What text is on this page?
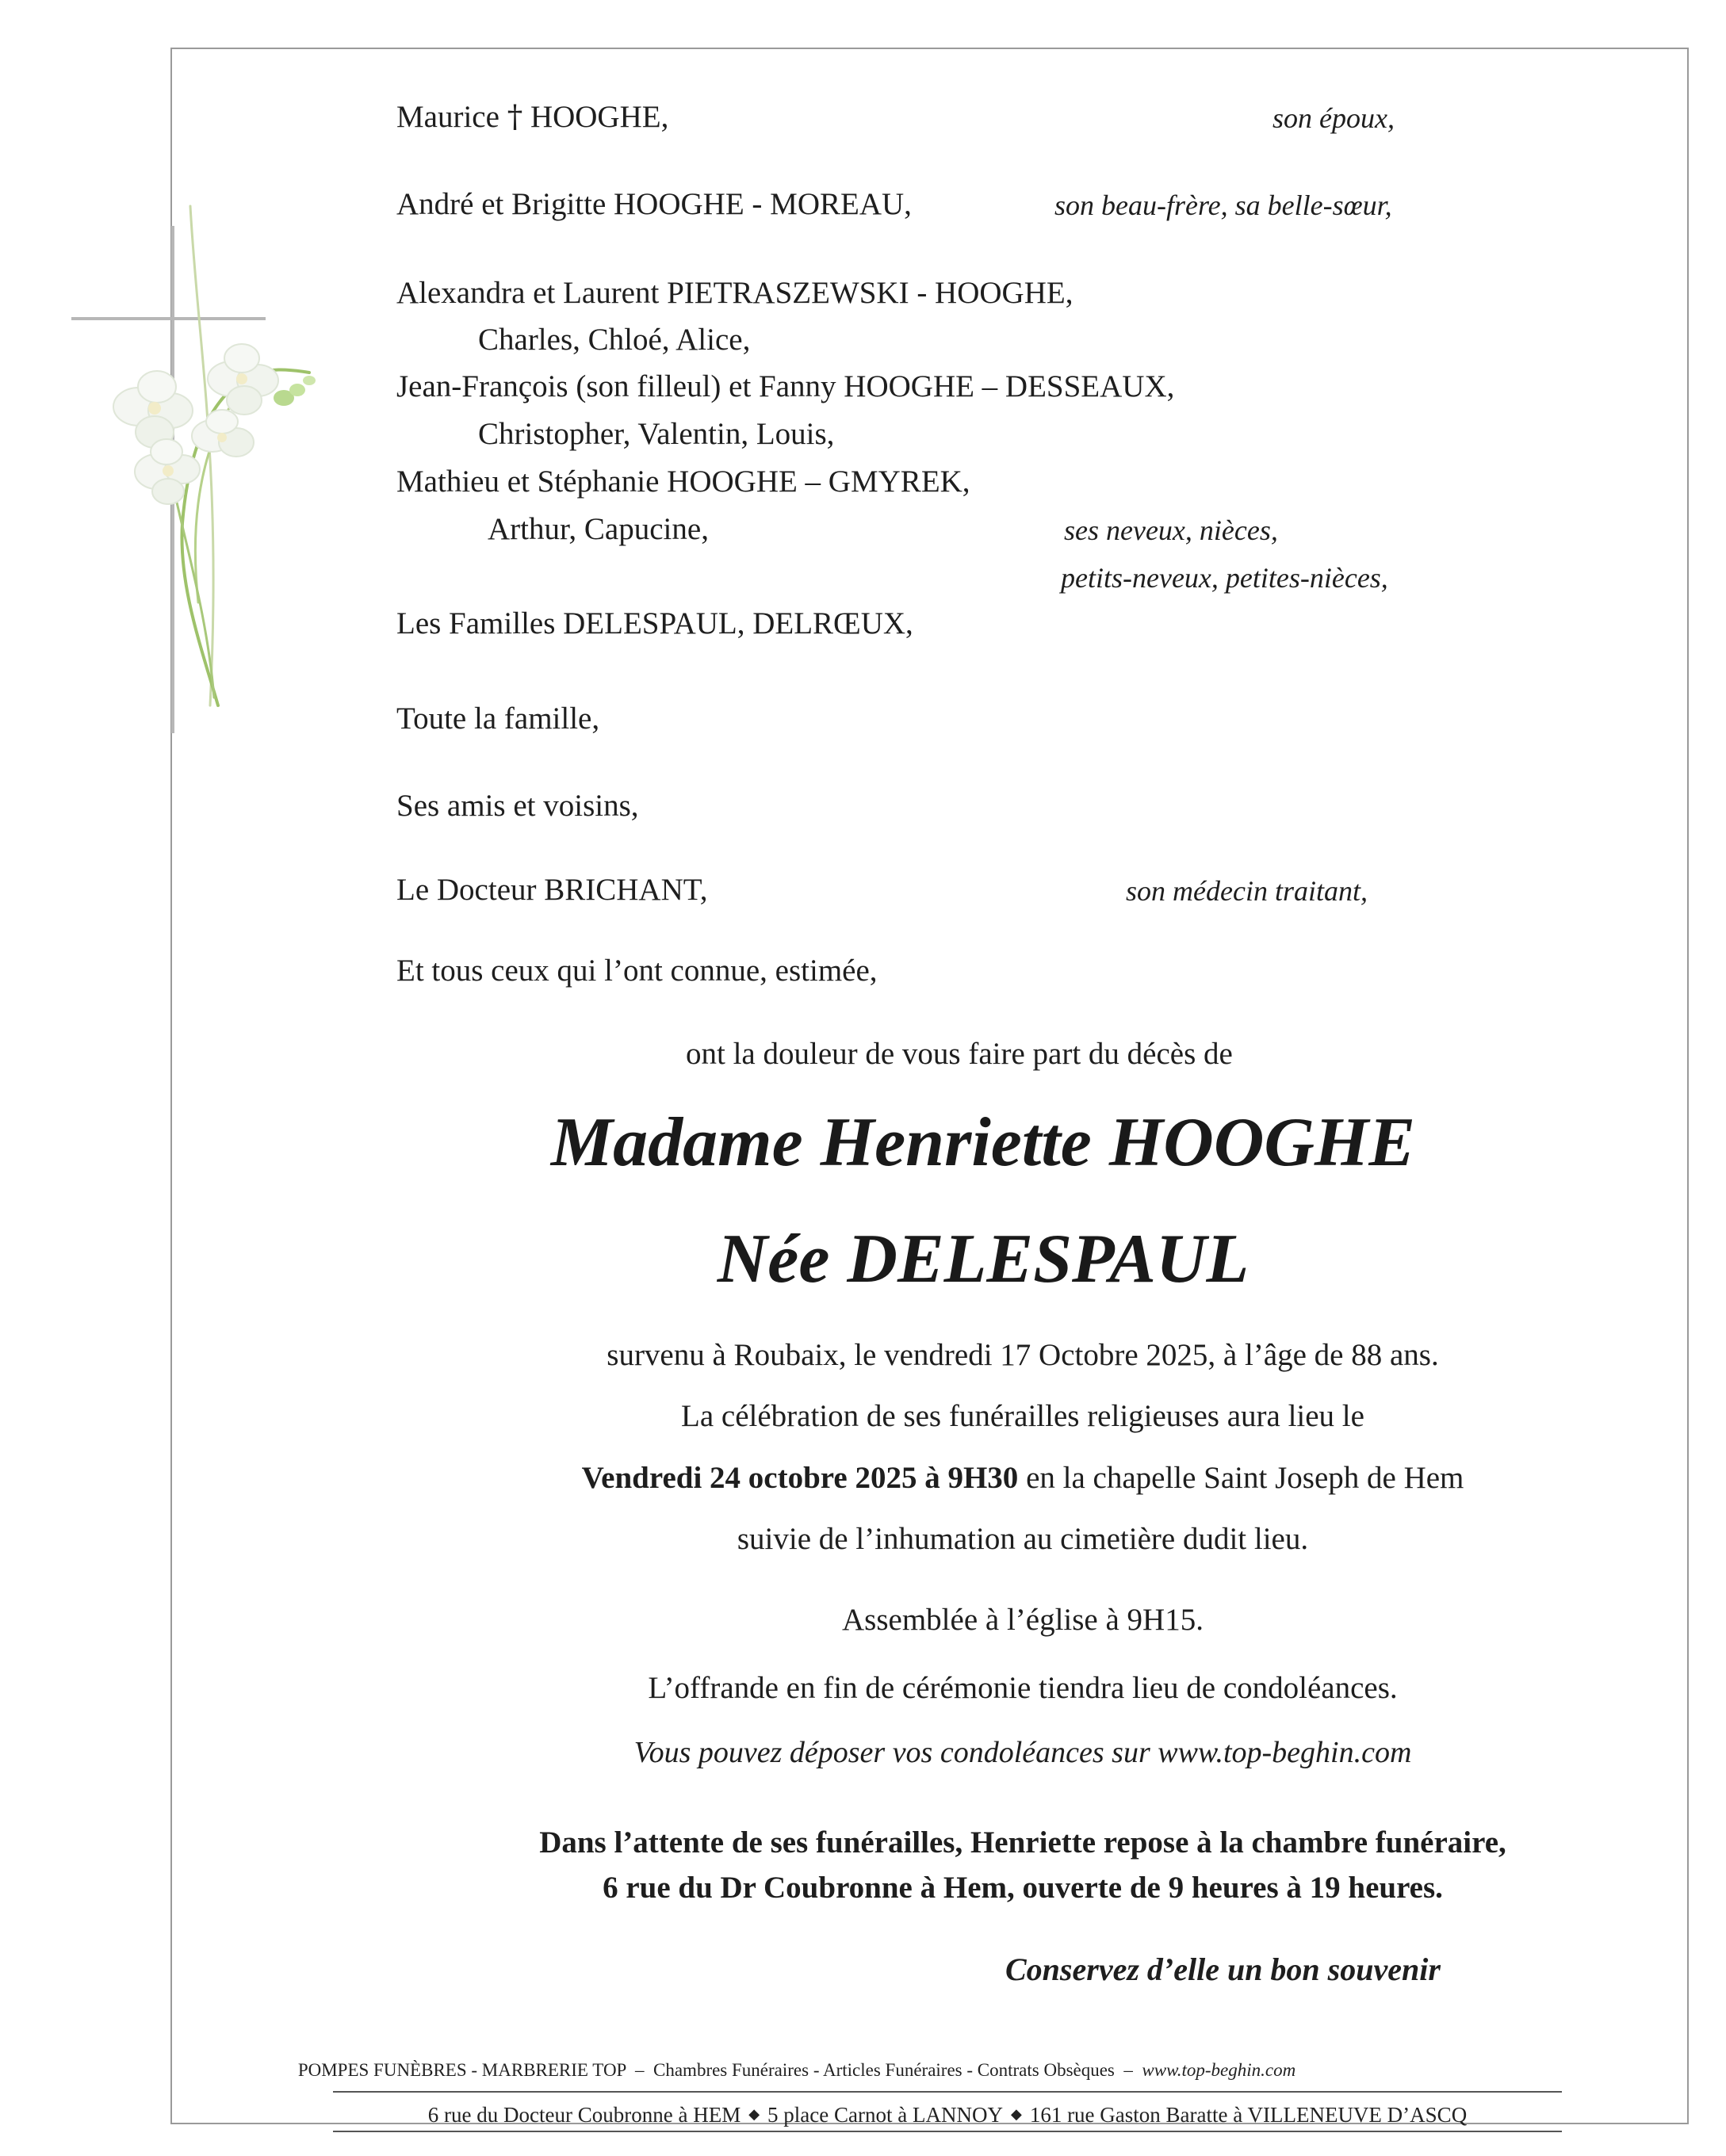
Maurice † HOOGHE,	son époux,
André et Brigitte HOOGHE - MOREAU,	son beau-frère, sa belle-sœur,
Alexandra et Laurent PIETRASZEWSKI - HOOGHE,
Charles, Chloé, Alice,
Jean-François (son filleul) et Fanny HOOGHE – DESSEAUX,
Christopher, Valentin, Louis,
Mathieu et Stéphanie HOOGHE – GMYREK,
Arthur, Capucine,	ses neveux, nièces,
petits-neveux, petites-nièces,
Les Familles DELESPAUL, DELRŒUX,
Toute la famille,
Ses amis et voisins,
Le Docteur BRICHANT,	son médecin traitant,
Et tous ceux qui l’ont connue, estimée,
ont la douleur de vous faire part du décès de
Madame Henriette HOOGHE
Née DELESPAUL
survenu à Roubaix, le vendredi 17 Octobre 2025, à l’âge de 88 ans.
La célébration de ses funérailles religieuses aura lieu le
Vendredi 24 octobre 2025 à 9H30 en la chapelle Saint Joseph de Hem
suivie de l’inhumation au cimetière dudit lieu.
Assemblée à l’église à 9H15.
L’offrande en fin de cérémonie tiendra lieu de condoléances.
Vous pouvez déposer vos condoléances sur www.top-beghin.com
Dans l’attente de ses funérailles, Henriette repose à la chambre funéraire,
6 rue du Dr Coubronne à Hem, ouverte de 9 heures à 19 heures.
Conservez d’elle un bon souvenir
POMPES FUNÈBRES - MARBRERIE TOP – Chambres Funéraires - Articles Funéraires - Contrats Obsèques – www.top-beghin.com
6 rue du Docteur Coubronne à HEM ◆ 5 place Carnot à LANNOY ◆ 161 rue Gaston Baratte à VILLENEUVE D’ASCQ
